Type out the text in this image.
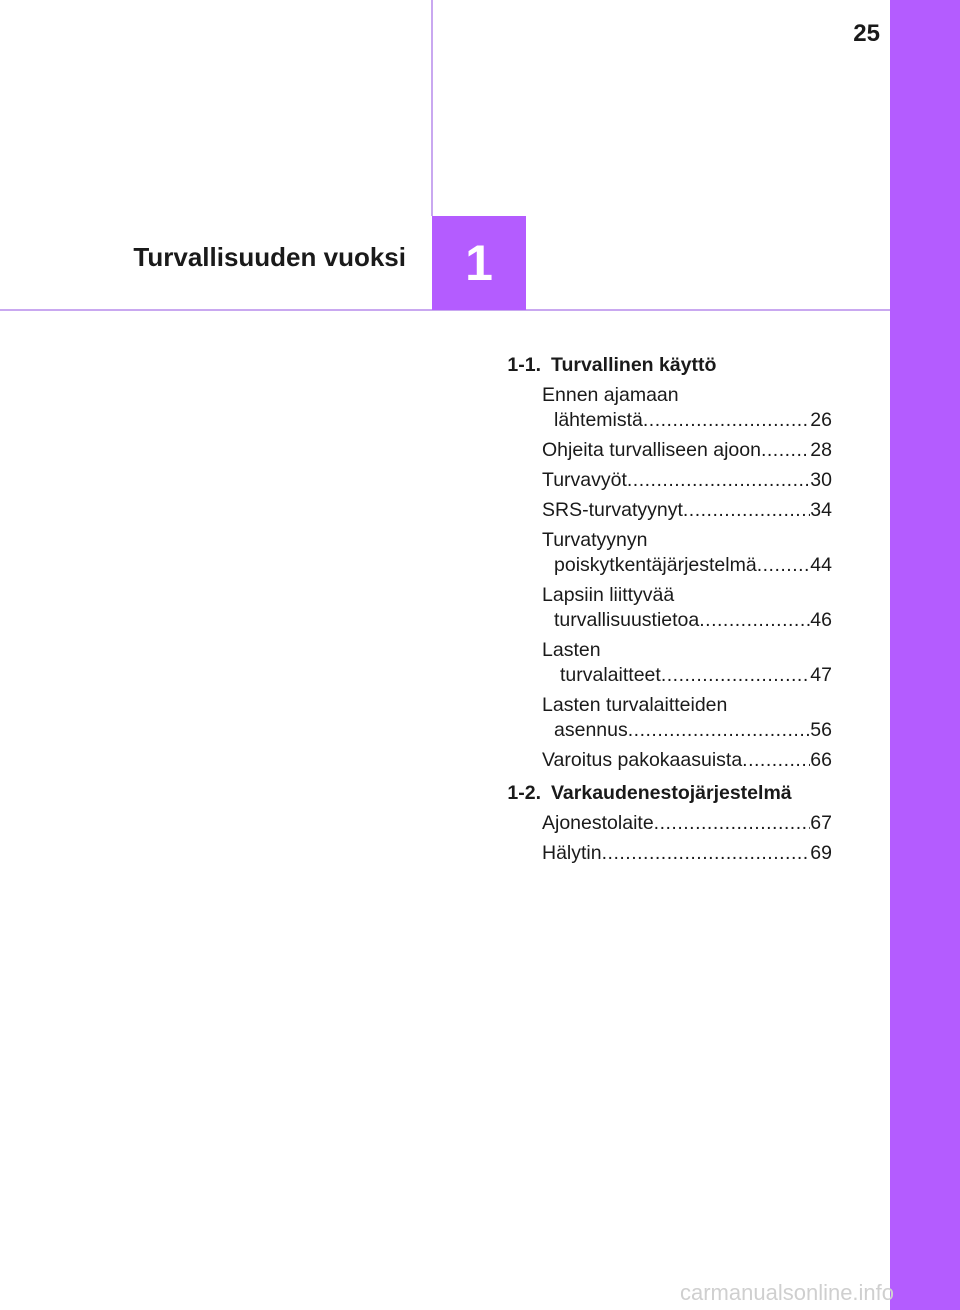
25
Turvallisuuden vuoksi 1
1-1. Turvallinen käyttö
Ennen ajamaan
lähtemistä .....	26
Ohjeita turvalliseen ajoon .....	28
Turvavyöt .....	30
SRS-turvatyynyt .....	34
Turvatyynyn
poiskytkentäjärjestelmä .....	44
Lapsiin liittyvää
turvallisuustietoa .....	46
Lasten
turvalaitteet .....	47
Lasten turvalaitteiden
asennus .....	56
Varoitus pakokaasuista .....	66
1-2. Varkaudenestojärjestelmä
Ajonestolaite .....	67
Hälytin .....	69
carmanualsonline.info
